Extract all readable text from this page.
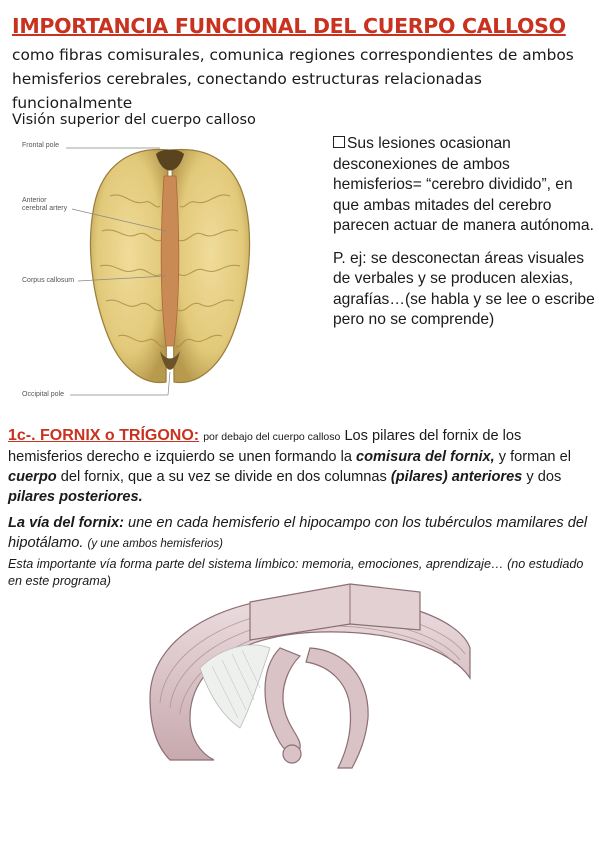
IMPORTANCIA FUNCIONAL DEL CUERPO CALLOSO
como fibras comisurales, comunica regiones correspondientes de ambos hemisferios cerebrales, conectando estructuras relacionadas funcionalmente
Visión superior del cuerpo calloso
Frontal pole
Anterior
cerebral artery
Corpus callosum
Occipital pole

Sus lesiones ocasionan desconexiones de ambos hemisferios= “cerebro dividido”, en que ambas mitades del cerebro parecen actuar de manera autónoma.

P. ej: se desconectan áreas visuales de verbales y se producen alexias, agrafías…(se habla y se lee o escribe pero no se comprende)

1c-. FORNIX o TRÍGONO: por debajo del cuerpo calloso Los pilares del fornix de los hemisferios derecho e izquierdo se unen formando la comisura del fornix, y forman el cuerpo del fornix, que a su vez se divide en dos columnas (pilares) anteriores y dos pilares posteriores.
La vía del fornix: une en cada hemisferio el hipocampo con los tubérculos mamilares del hipotálamo. (y une ambos hemisferios)
Esta importante vía forma parte del sistema límbico: memoria, emociones, aprendizaje… (no estudiado en este programa)
